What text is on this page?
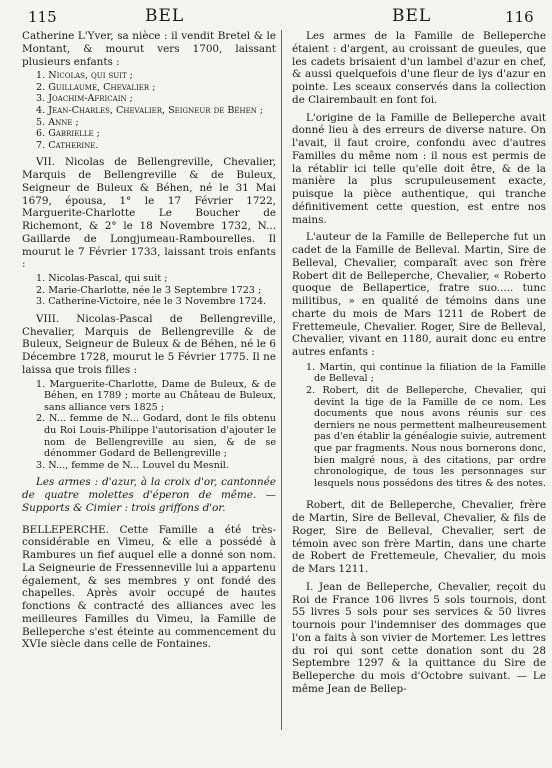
115	BEL	BEL	116

Catherine L'Yver, sa nièce : il vendit Bretel & le Montant, & mourut vers 1700, laissant plusieurs enfants :

1. Nicolas, qui suit ;
2. Guillaume, Chevalier ;
3. Joachim-Africain ;
4. Jean-Charles, Chevalier, Seigneur de Béhen ;
5. Anne ;
6. Gabrielle ;
7. Catherine.

VII. Nicolas de Bellengreville, Chevalier, Marquis de Bellengreville & de Buleux, Seigneur de Buleux & Béhen, né le 31 Mai 1679, épousa, 1° le 17 Février 1722, Marguerite-Charlotte Le Boucher de Richemont, & 2° le 18 Novembre 1732, N... Gaillarde de Longjumeau-Rambourelles. Il mourut le 7 Février 1733, laissant trois enfants :

1. Nicolas-Pascal, qui suit ;
2. Marie-Charlotte, née le 3 Septembre 1723 ;
3. Catherine-Victoire, née le 3 Novembre 1724.

VIII. Nicolas-Pascal de Bellengreville, Chevalier, Marquis de Bellengreville & de Buleux, Seigneur de Buleux & de Béhen, né le 6 Décembre 1728, mourut le 5 Février 1775. Il ne laissa que trois filles :

1. Marguerite-Charlotte, Dame de Buleux, & de Béhen, en 1789 ; morte au Château de Buleux, sans alliance vers 1825 ;
2. N... femme de N... Godard, dont le fils obtenu du Roi Louis-Philippe l'autorisation d'ajouter le nom de Bellengreville au sien, & de se dénommer Godard de Bellengreville ;
3. N..., femme de N... Louvel du Mesnil.

Les armes : d'azur, à la croix d'or, cantonnée de quatre molettes d'éperon de même. — Supports & Cimier : trois griffons d'or.

BELLEPERCHE. Cette Famille a été très-considérable en Vimeu, & elle a possédé à Rambures un fief auquel elle a donné son nom. La Seigneurie de Fressenneville lui a appartenu également, & ses membres y ont fondé des chapelles. Après avoir occupé de hautes fonctions & contracté des alliances avec les meilleures Familles du Vimeu, la Famille de Belleperche s'est éteinte au commencement du XVIe siècle dans celle de Fontaines.

Les armes de la Famille de Belleperche étaient : d'argent, au croissant de gueules, que les cadets brisaient d'un lambel d'azur en chef, & aussi quelquefois d'une fleur de lys d'azur en pointe. Les sceaux conservés dans la collection de Clairembault en font foi.

L'origine de la Famille de Belleperche avait donné lieu à des erreurs de diverse nature. On l'avait, il faut croire, confondu avec d'autres Familles du même nom : il nous est permis de la rétablir ici telle qu'elle doit être, & de la manière la plus scrupuleusement exacte, puisque la pièce authentique, qui tranche définitivement cette question, est entre nos mains.

L'auteur de la Famille de Belleperche fut un cadet de la Famille de Belleval. Martin, Sire de Belleval, Chevalier, comparaît avec son frère Robert dit de Belleperche, Chevalier, « Roberto quoque de Bellapertice, fratre suo..... tunc militibus, » en qualité de témoins dans une charte du mois de Mars 1211 de Robert de Frettemeule, Chevalier. Roger, Sire de Belleval, Chevalier, vivant en 1180, aurait donc eu entre autres enfants :

1. Martin, qui continue la filiation de la Famille de Belleval ;
2. Robert, dit de Belleperche, Chevalier, qui devint la tige de la Famille de ce nom. Les documents que nous avons réunis sur ces derniers ne nous permettent malheureusement pas d'en établir la généalogie suivie, autrement que par fragments. Nous nous bornerons donc, bien malgré nous, à des citations, par ordre chronologique, de tous les personnages sur lesquels nous possédons des titres & des notes.

Robert, dit de Belleperche, Chevalier, frère de Martin, Sire de Belleval, Chevalier, & fils de Roger, Sire de Belleval, Chevalier, sert de témoin avec son frère Martin, dans une charte de Robert de Frettemeule, Chevalier, du mois de Mars 1211.

I. Jean de Belleperche, Chevalier, reçoit du Roi de France 106 livres 5 sols tournois, dont 55 livres 5 sols pour ses services & 50 livres tournois pour l'indemniser des dommages que l'on a faits à son vivier de Mortemer. Les lettres du roi qui sont cette donation sont du 28 Septembre 1297 & la quittance du Sire de Belleperche du mois d'Octobre suivant. — Le même Jean de Bellep-
